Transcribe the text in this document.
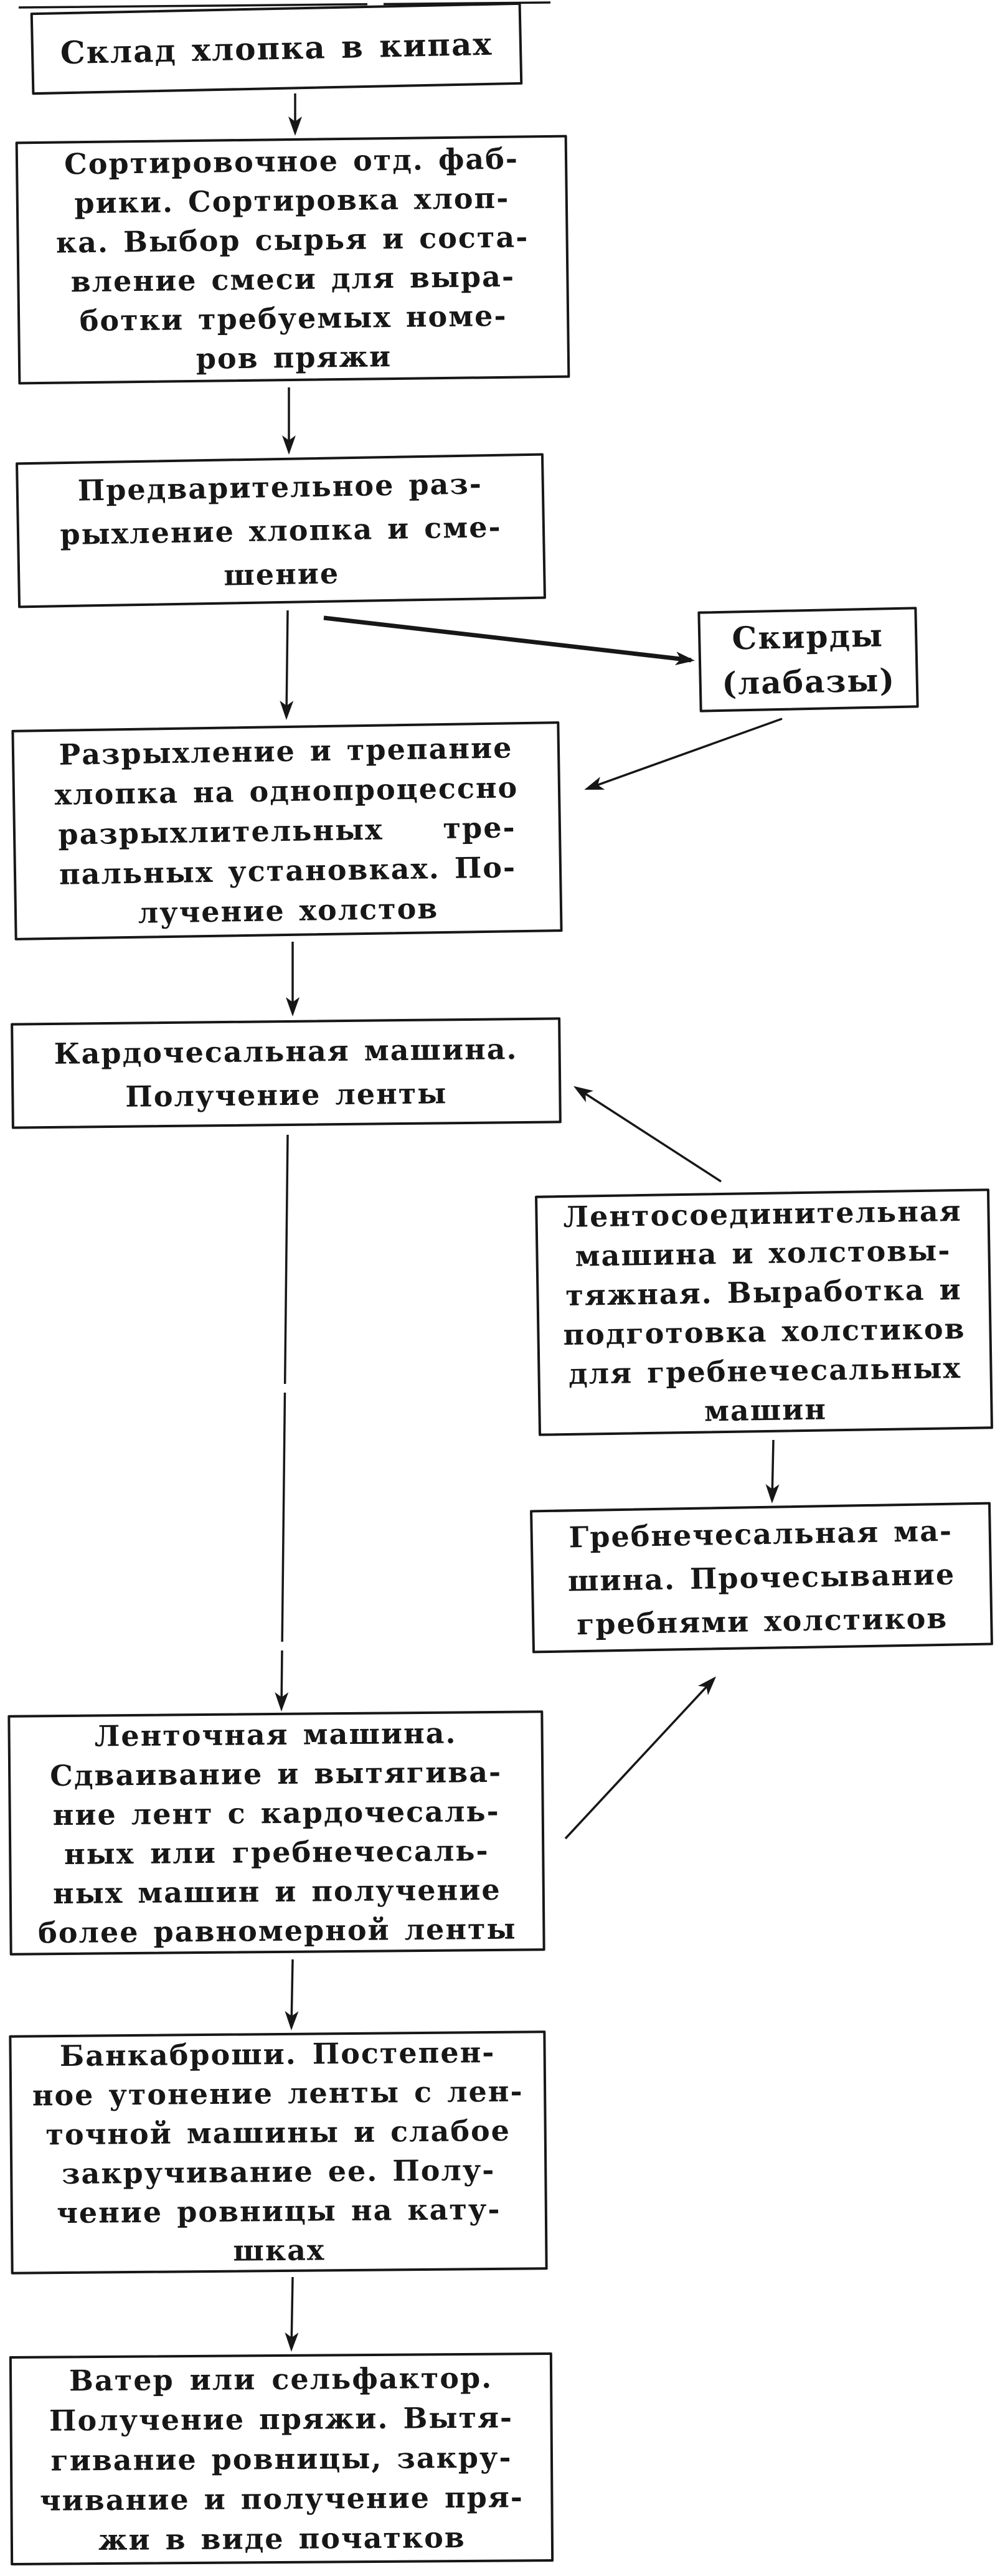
Склад хлопка в кипах
Сортировочное отд. фаб-
рики. Сортировка хлоп-
ка. Выбор сырья и соста-
вление смеси для выра-
ботки требуемых номе-
ров пряжи
Предварительное раз-
рыхление хлопка и сме-
шение
Скирды
(лабазы)
Разрыхление и трепание
хлопка на однопроцессно
разрыхлительных  тре-
пальных установках. По-
лучение холстов
Кардочесальная машина.
Получение ленты
Лентосоединительная
машина и холстовы-
тяжная. Выработка и
подготовка холстиков
для гребнечесальных
машин
Гребнечесальная ма-
шина. Прочесывание
гребнями холстиков
Ленточная машина.
Сдваивание и вытягива-
ние лент с кардочесаль-
ных или гребнечесаль-
ных машин и получение
более равномерной ленты
Банкаброши. Постепен-
ное утонение ленты с лен-
точной машины и слабое
закручивание ее. Полу-
чение ровницы на кату-
шках
Ватер или сельфактор.
Получение пряжи. Вытя-
гивание ровницы, закру-
чивание и получение пря-
жи в виде початков
